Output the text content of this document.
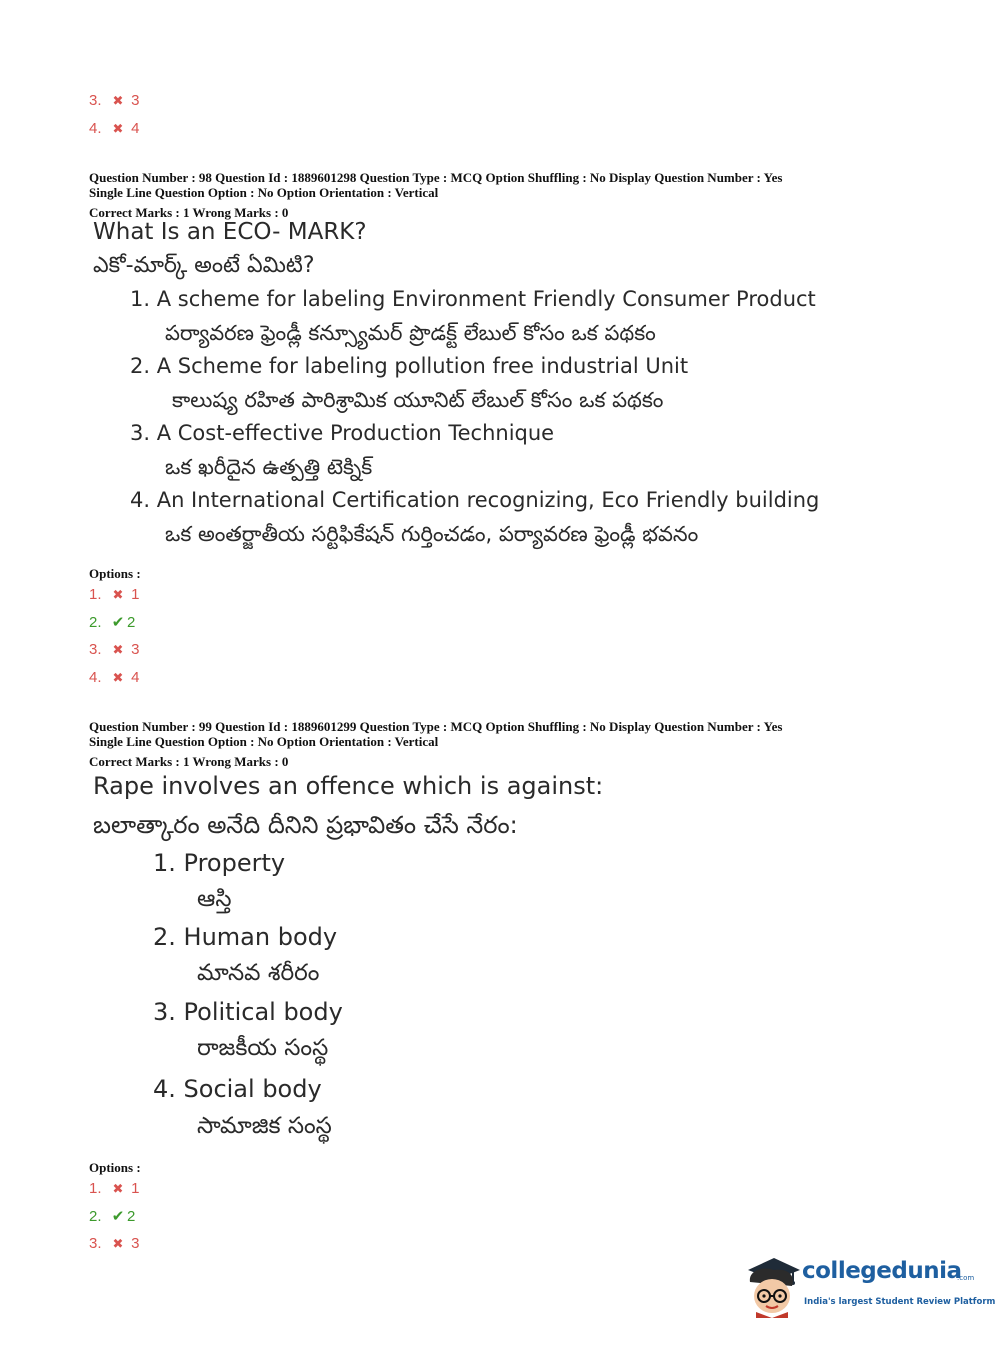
3. ✖ 3
4. ✖ 4
Question Number : 98 Question Id : 1889601298 Question Type : MCQ Option Shuffling : No Display Question Number : Yes
Single Line Question Option : No Option Orientation : Vertical
Correct Marks : 1 Wrong Marks : 0
What Is an ECO- MARK?
ఎకో-మార్క్ అంటే ఏమిటి?
1. A scheme for labeling Environment Friendly Consumer Product
పర్యావరణ ఫ్రెండ్లీ కన్స్యూమర్ ప్రొడక్ట్ లేబుల్ కోసం ఒక పథకం
2. A Scheme for labeling pollution free industrial Unit
కాలుష్య రహిత పారిశ్రామిక యూనిట్ లేబుల్ కోసం ఒక పథకం
3. A Cost-effective Production Technique
ఒక ఖరీదైన ఉత్పత్తి టెక్నిక్
4. An International Certification recognizing, Eco Friendly building
ఒక అంతర్జాతీయ సర్టిఫికేషన్ గుర్తించడం, పర్యావరణ ఫ్రెండ్లీ భవనం
Options :
1. ✖ 1
2. ✔ 2
3. ✖ 3
4. ✖ 4
Question Number : 99 Question Id : 1889601299 Question Type : MCQ Option Shuffling : No Display Question Number : Yes
Single Line Question Option : No Option Orientation : Vertical
Correct Marks : 1 Wrong Marks : 0
Rape involves an offence which is against:
బలాత్కారం అనేది దీనిని ప్రభావితం చేసే నేరం:
1. Property
ఆస్తి
2. Human body
మానవ శరీరం
3. Political body
రాజకీయ సంస్థ
4. Social body
సామాజిక సంస్థ
Options :
1. ✖ 1
2. ✔ 2
3. ✖ 3
collegedunia
.com
India's largest Student Review Platform
